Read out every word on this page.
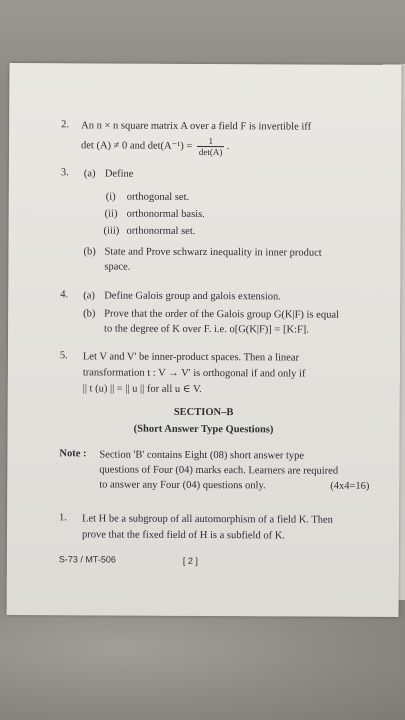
2. An n × n square matrix A over a field F is invertible iff
det (A) ≠ 0 and $\det(A^{-1}) = \frac{1}{\det(A)}$ .
3. (a) Define
(i) orthogonal set.
(ii) orthonormal basis.
(iii) orthonormal set.
(b) State and Prove schwarz inequality in inner product
space.
4. (a) Define Galois group and galois extension.
(b) Prove that the order of the Galois group G(K|F) is equal
to the degree of K over F. i.e. o[G(K|F)] = [K:F].
5. Let V and V' be inner-product spaces. Then a linear
transformation t : V → V' is orthogonal if and only if
|| t (u) || = || u || for all u ∈ V.
SECTION–B
(Short Answer Type Questions)
Note : Section 'B' contains Eight (08) short answer type
questions of Four (04) marks each. Learners are required
to answer any Four (04) questions only.	(4x4=16)
1. Let H be a subgroup of all automorphism of a field K. Then
prove that the fixed field of H is a subfield of K.
S-73 / MT-506	[ 2 ]
